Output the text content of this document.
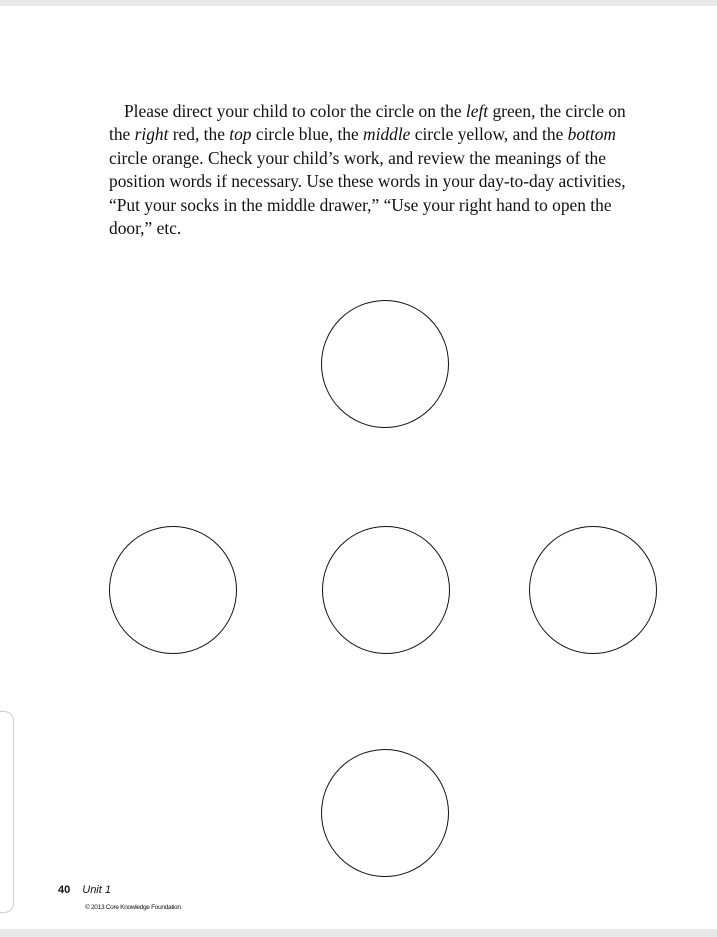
Please direct your child to color the circle on the left green, the circle on the right red, the top circle blue, the middle circle yellow, and the bottom circle orange. Check your child’s work, and review the meanings of the position words if necessary. Use these words in your day-to-day activities, “Put your socks in the middle drawer,” “Use your right hand to open the door,” etc.

40 Unit 1
© 2013 Core Knowledge Foundation
